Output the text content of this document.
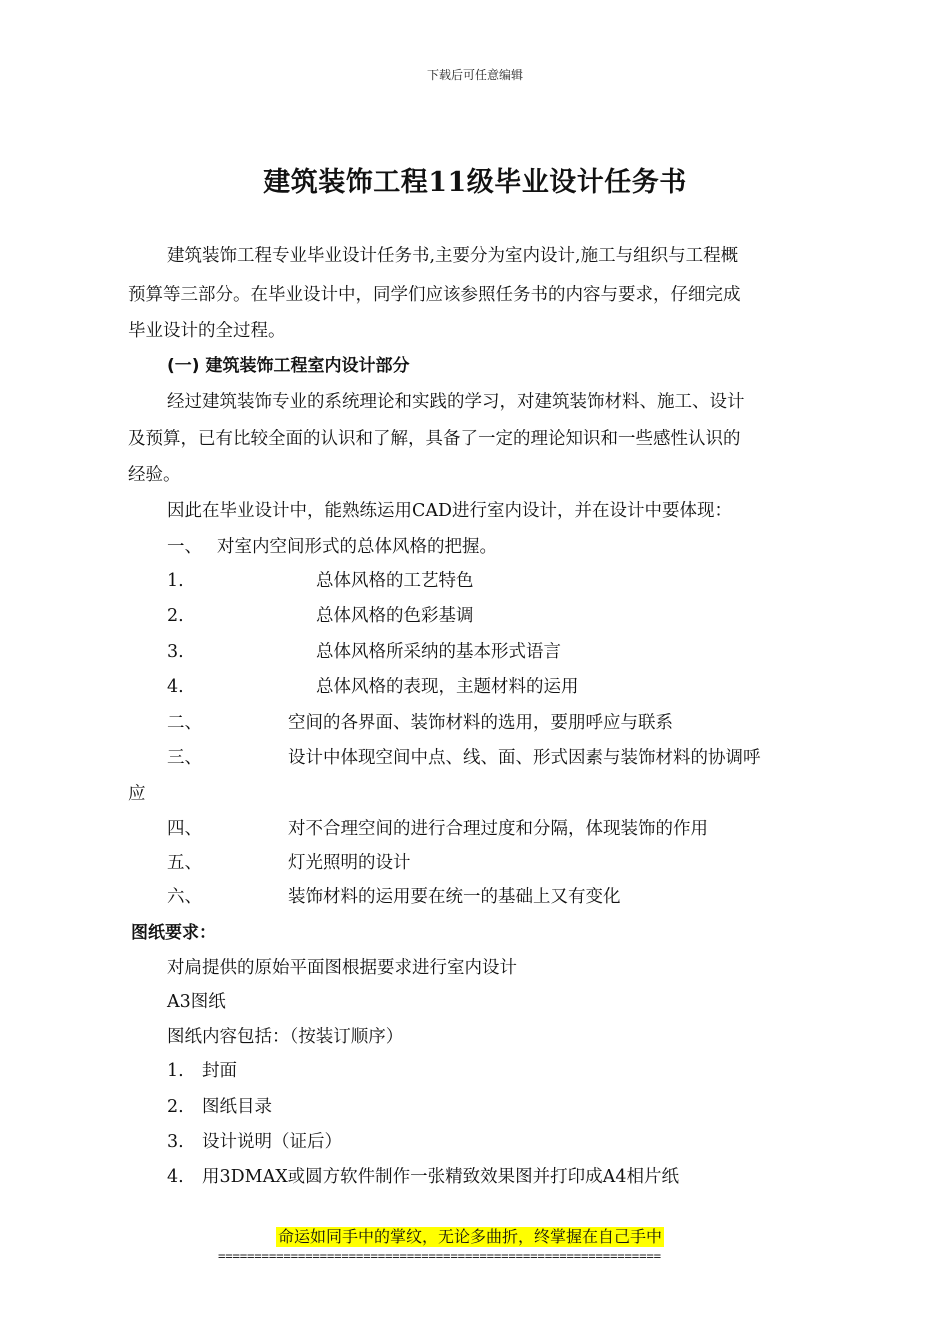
下载后可任意编辑
建筑装饰工程11级毕业设计任务书
建筑装饰工程专业毕业设计任务书,主要分为室内设计,施工与组织与工程概
预算等三部分。在毕业设计中，同学们应该参照任务书的内容与要求，仔细完成
毕业设计的全过程。
(一) 建筑装饰工程室内设计部分
经过建筑装饰专业的系统理论和实践的学习，对建筑装饰材料、施工、设计
及预算，已有比较全面的认识和了解，具备了一定的理论知识和一些感性认识的
经验。
因此在毕业设计中，能熟练运用CAD进行室内设计，并在设计中要体现：
一、 对室内空间形式的总体风格的把握。
1.	总体风格的工艺特色
2.	总体风格的色彩基调
3.	总体风格所采纳的基本形式语言
4.	总体风格的表现，主题材料的运用
二、	空间的各界面、装饰材料的选用，要朋呼应与联系
三、	设计中体现空间中点、线、面、形式因素与装饰材料的协调呼
应
四、	对不合理空间的进行合理过度和分隔，体现装饰的作用
五、	灯光照明的设计
六、	装饰材料的运用要在统一的基础上又有变化
图纸要求：
对扃提供的原始平面图根据要求进行室内设计
A3图纸
图纸内容包括：（按装订顺序）
1. 封面
2. 图纸目录
3. 设计说明（证后）
4. 用3DMAX或圆方软件制作一张精致效果图并打印成A4相片纸
命运如同手中的掌纹，无论多曲折，终掌握在自己手中
=============================================================
